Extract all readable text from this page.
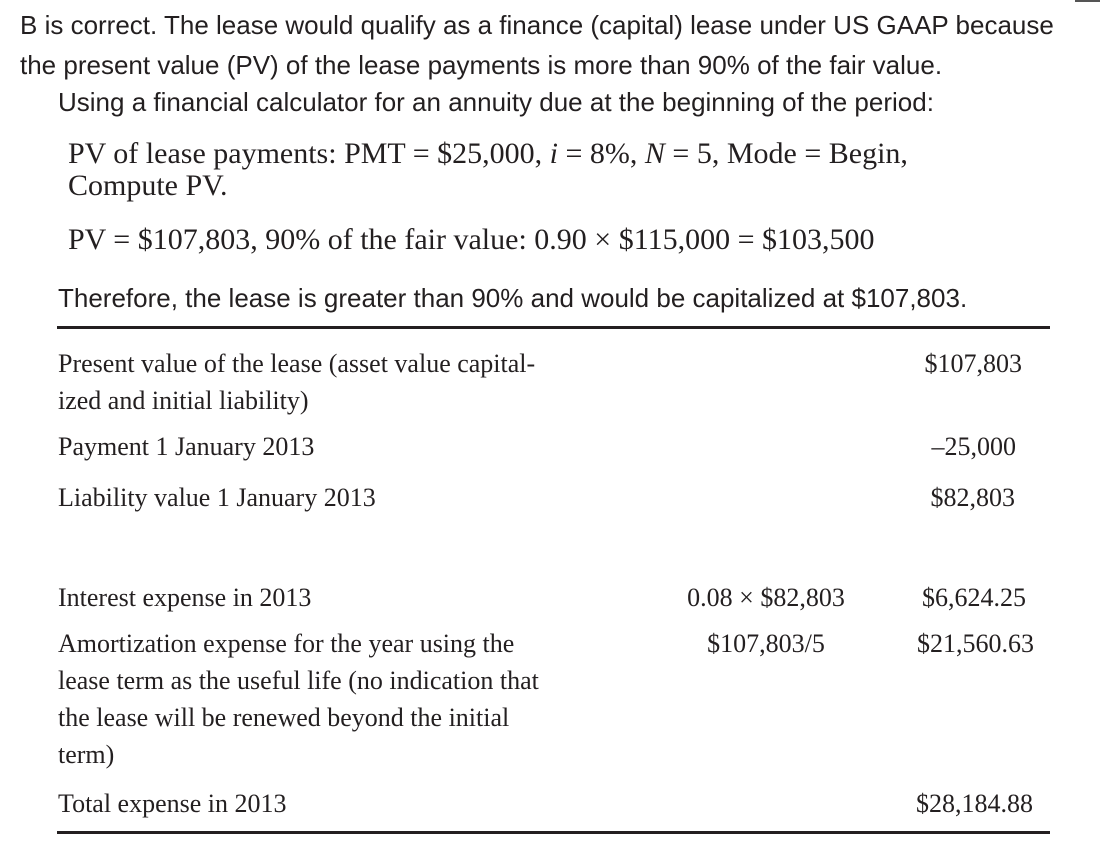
B is correct. The lease would qualify as a finance (capital) lease under US GAAP because
the present value (PV) of the lease payments is more than 90% of the fair value.
Using a financial calculator for an annuity due at the beginning of the period:
PV of lease payments: PMT = $25,000, i = 8%, N = 5, Mode = Begin,
Compute PV.
PV = $107,803, 90% of the fair value: 0.90 × $115,000 = $103,500
Therefore, the lease is greater than 90% and would be capitalized at $107,803.
Present value of the lease (asset value capital-
ized and initial liability)
$107,803
Payment 1 January 2013	–25,000
Liability value 1 January 2013	$82,803
Interest expense in 2013	0.08 × $82,803	$6,624.25
Amortization expense for the year using the
lease term as the useful life (no indication that
the lease will be renewed beyond the initial
term)
$107,803/5	$21,560.63
Total expense in 2013	$28,184.88
